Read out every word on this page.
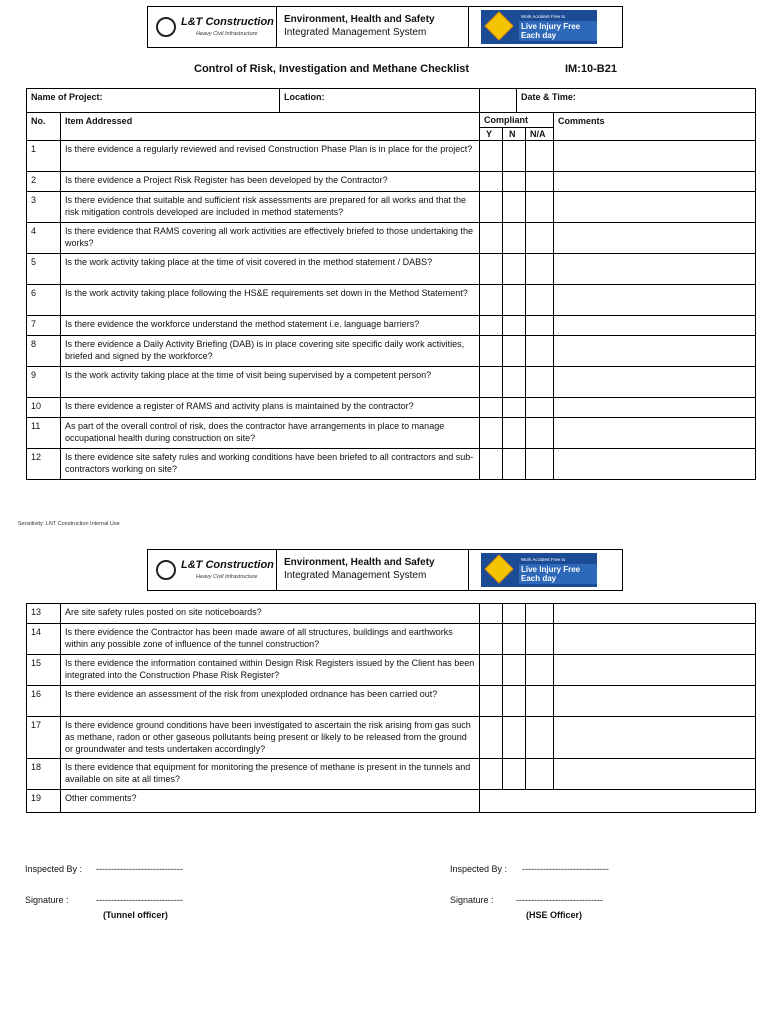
L&T Construction
Heavy Civil Infrastructure
Environment, Health and Safety
Integrated Management System
Work Accident Free to
Live Injury Free Each day
Control of Risk, Investigation and Methane Checklist	IM:10-B21
Name of Project: Location:		Date & Time:			

No.	Item Addressed	Compliant			Comments
		Y	N	N/A	
1	Is there evidence a regularly reviewed and revised Construction Phase Plan is in place for the project?				
2	Is there evidence a Project Risk Register has been developed by the Contractor?				
3	Is there evidence that suitable and sufficient risk assessments are prepared for all works and that the risk mitigation controls developed are included in method statements?				
4	Is there evidence that RAMS covering all work activities are effectively briefed to those undertaking the works?				
5	Is the work activity taking place at the time of visit covered in the method statement / DABS?				
6	Is the work activity taking place following the HS&E requirements set down in the Method Statement?				
7	Is there evidence the workforce understand the method statement i.e. language barriers?				
8	Is there evidence a Daily Activity Briefing (DAB) is in place covering site specific daily work activities, briefed and signed by the workforce?				
9	Is the work activity taking place at the time of visit being supervised by a competent person?				
10	Is there evidence a register of RAMS and activity plans is maintained by the contractor?				
11	As part of the overall control of risk, does the contractor have arrangements in place to manage occupational health during construction on site?				
12	Is there evidence site safety rules and working conditions have been briefed to all contractors and sub-contractors working on site?				
Sensitivity: LNT Construction Internal Use
L&T Construction
Heavy Civil Infrastructure
Environment, Health and Safety
Integrated Management System
Work Accident Free to
Live Injury Free Each day
13	Are site safety rules posted on site noticeboards?				
14	Is there evidence the Contractor has been made aware of all structures, buildings and earthworks within any possible zone of influence of the tunnel construction?				
15	Is there evidence the information contained within Design Risk Registers issued by the Client has been integrated into the Construction Phase Risk Register?				
16	Is there evidence an assessment of the risk from unexploded ordnance has been carried out?				
17	Is there evidence ground conditions have been investigated to ascertain the risk arising from gas such as methane, radon or other gaseous pollutants being present or likely to be released from the ground or groundwater and tests undertaken accordingly?				
18	Is there evidence that equipment for monitoring the presence of methane is present in the tunnels and available on site at all times?				
19	Other comments?				
Inspected By : -----------------------------
Signature :	-----------------------------
(Tunnel officer)
Inspected By : -----------------------------
Signature : -----------------------------
(HSE Officer)
